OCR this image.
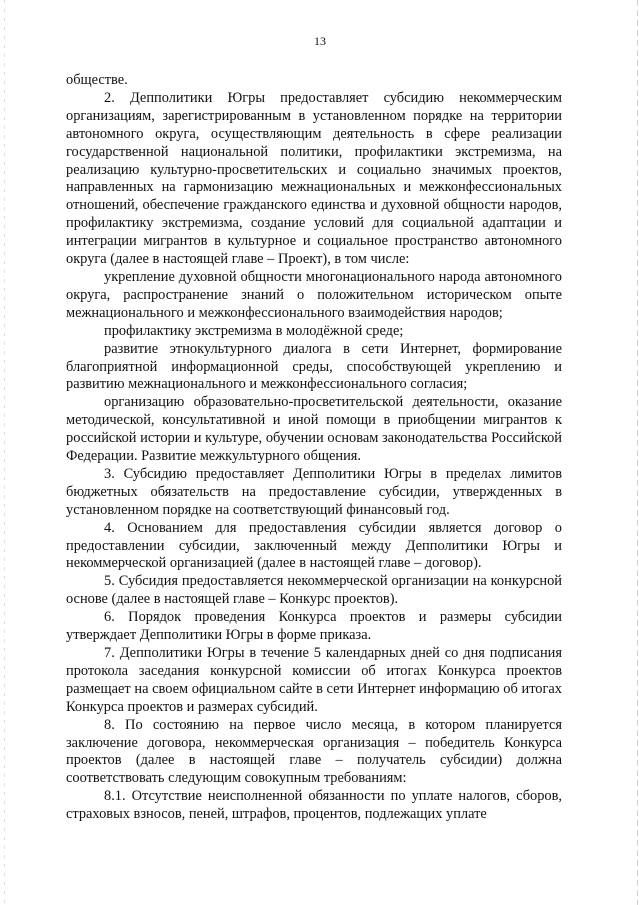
13

обществе.

2. Депполитики Югры предоставляет субсидию некоммерческим организациям, зарегистрированным в установленном порядке на территории автономного округа, осуществляющим деятельность в сфере реализации государственной национальной политики, профилактики экстремизма, на реализацию культурно-просветительских и социально значимых проектов, направленных на гармонизацию межнациональных и межконфессиональных отношений, обеспечение гражданского единства и духовной общности народов, профилактику экстремизма, создание условий для социальной адаптации и интеграции мигрантов в культурное и социальное пространство автономного округа (далее в настоящей главе – Проект), в том числе:

укрепление духовной общности многонационального народа автономного округа, распространение знаний о положительном историческом опыте межнационального и межконфессионального взаимодействия народов;

профилактику экстремизма в молодёжной среде;

развитие этнокультурного диалога в сети Интернет, формирование благоприятной информационной среды, способствующей укреплению и развитию межнационального и межконфессионального согласия;

организацию образовательно-просветительской деятельности, оказание методической, консультативной и иной помощи в приобщении мигрантов к российской истории и культуре, обучении основам законодательства Российской Федерации. Развитие межкультурного общения.

3. Субсидию предоставляет Депполитики Югры в пределах лимитов бюджетных обязательств на предоставление субсидии, утвержденных в установленном порядке на соответствующий финансовый год.

4. Основанием для предоставления субсидии является договор о предоставлении субсидии, заключенный между Депполитики Югры и некоммерческой организацией (далее в настоящей главе – договор).

5. Субсидия предоставляется некоммерческой организации на конкурсной основе (далее в настоящей главе – Конкурс проектов).

6. Порядок проведения Конкурса проектов и размеры субсидии утверждает Депполитики Югры в форме приказа.

7. Депполитики Югры в течение 5 календарных дней со дня подписания протокола заседания конкурсной комиссии об итогах Конкурса проектов размещает на своем официальном сайте в сети Интернет информацию об итогах Конкурса проектов и размерах субсидий.

8. По состоянию на первое число месяца, в котором планируется заключение договора, некоммерческая организация – победитель Конкурса проектов (далее в настоящей главе – получатель субсидии) должна соответствовать следующим совокупным требованиям:

8.1. Отсутствие неисполненной обязанности по уплате налогов, сборов, страховых взносов, пеней, штрафов, процентов, подлежащих уплате
